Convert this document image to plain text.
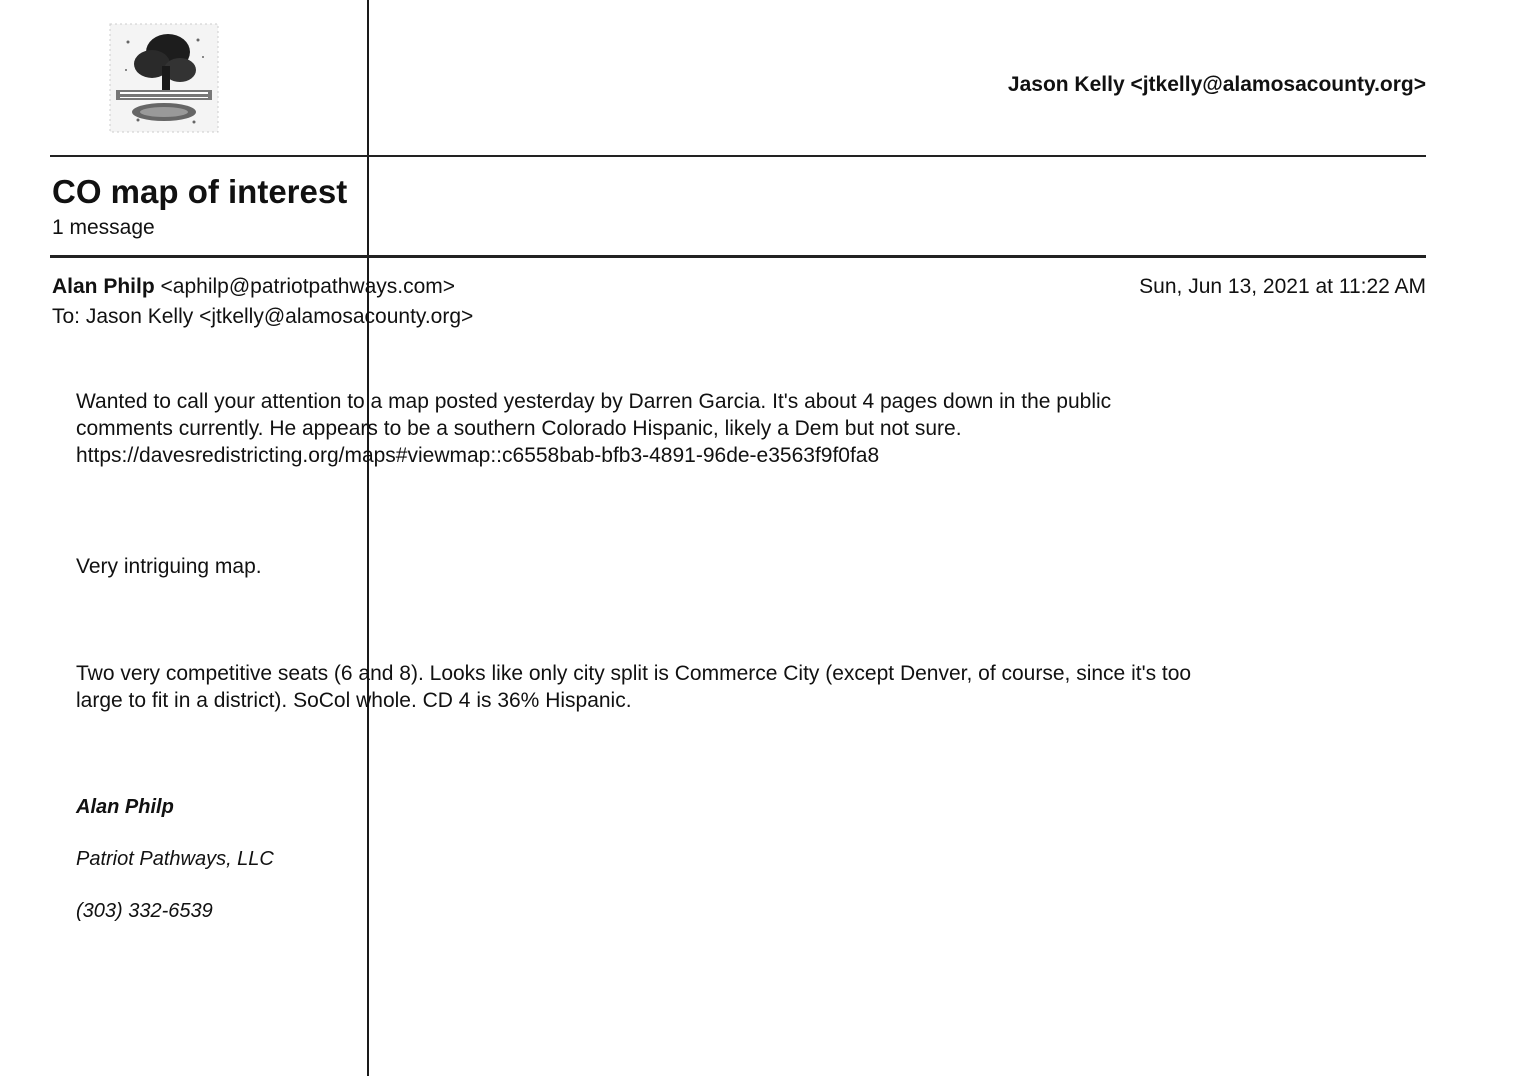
Jason Kelly <jtkelly@alamosacounty.org>
CO map of interest
1 message
Alan Philp <aphilp@patriotpathways.com>	Sun, Jun 13, 2021 at 11:22 AM
To: Jason Kelly <jtkelly@alamosacounty.org>
Wanted to call your attention to a map posted yesterday by Darren Garcia. It's about 4 pages down in the public
comments currently. He appears to be a southern Colorado Hispanic, likely a Dem but not sure.
https://davesredistricting.org/maps#viewmap::c6558bab-bfb3-4891-96de-e3563f9f0fa8
Very intriguing map.
Two very competitive seats (6 and 8). Looks like only city split is Commerce City (except Denver, of course, since it's too
large to fit in a district). SoCol whole. CD 4 is 36% Hispanic.
Alan Philp
Patriot Pathways, LLC
(303) 332-6539
